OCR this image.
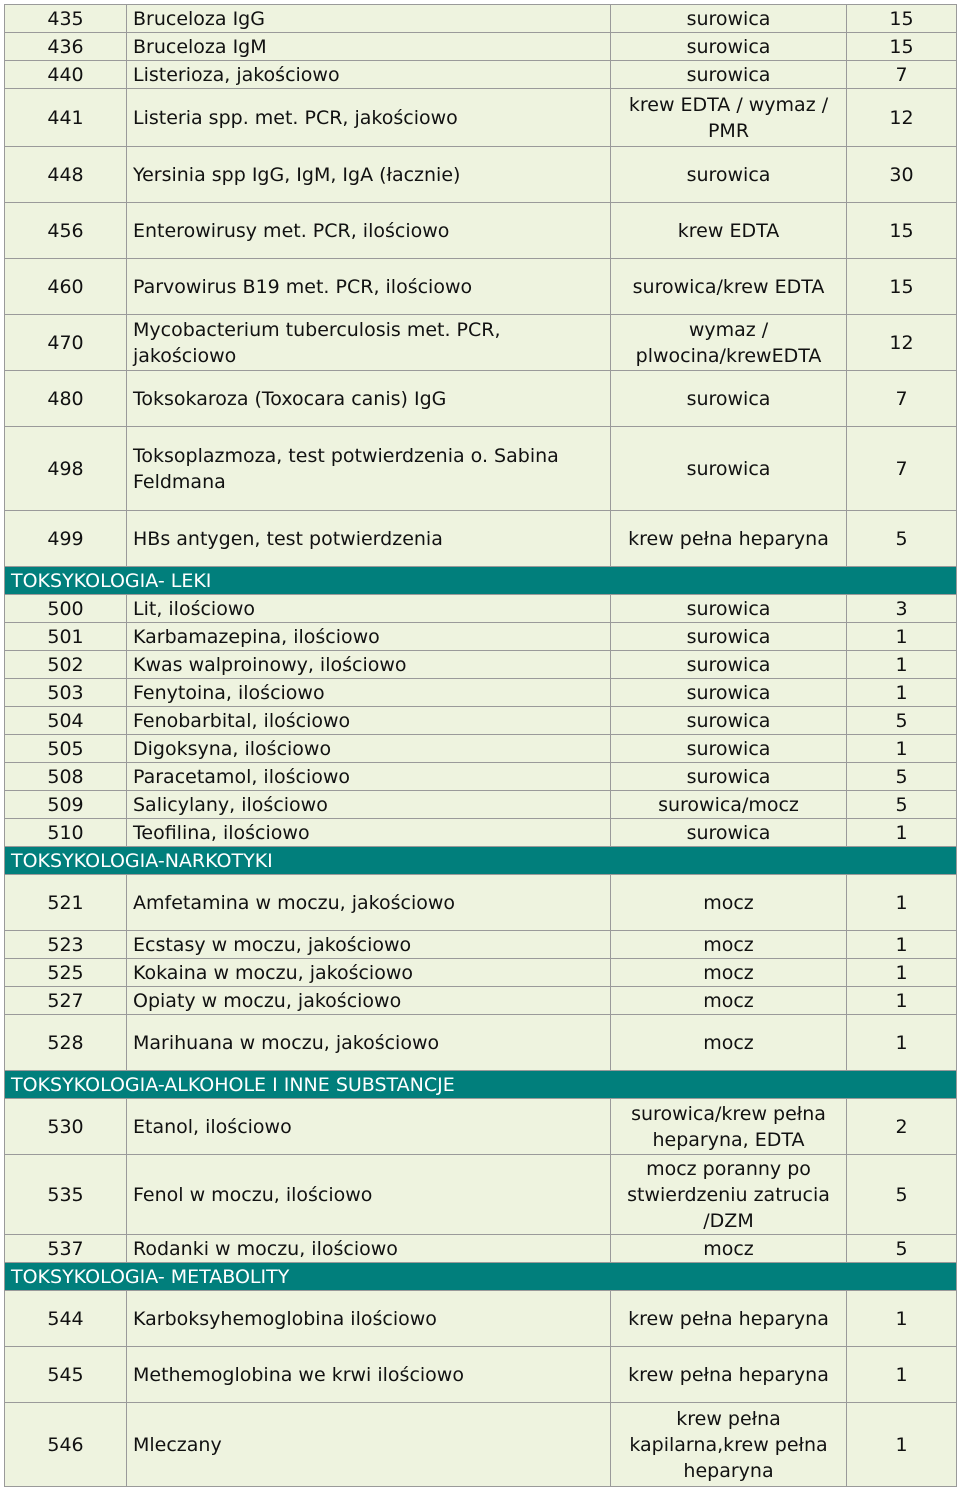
435	Bruceloza IgG	surowica	15
436	Bruceloza IgM	surowica	15
440	Listerioza, jakościowo	surowica	7
441	Listeria spp. met. PCR, jakościowo	krew EDTA / wymaz / PMR	12
448	Yersinia spp IgG, IgM, IgA (łacznie)	surowica	30
456	Enterowirusy met. PCR, ilościowo	krew EDTA	15
460	Parvowirus B19 met. PCR, ilościowo	surowica/krew EDTA	15
470	Mycobacterium tuberculosis met. PCR, jakościowo	wymaz / plwocina/krewEDTA	12
480	Toksokaroza (Toxocara canis) IgG	surowica	7
498	Toksoplazmoza, test potwierdzenia o. Sabina Feldmana	surowica	7
499	HBs antygen, test potwierdzenia	krew pełna heparyna	5
TOKSYKOLOGIA- LEKI			
500	Lit, ilościowo	surowica	3
501	Karbamazepina, ilościowo	surowica	1
502	Kwas walproinowy, ilościowo	surowica	1
503	Fenytoina, ilościowo	surowica	1
504	Fenobarbital, ilościowo	surowica	5
505	Digoksyna, ilościowo	surowica	1
508	Paracetamol, ilościowo	surowica	5
509	Salicylany, ilościowo	surowica/mocz	5
510	Teofilina, ilościowo	surowica	1
TOKSYKOLOGIA-NARKOTYKI			
521	Amfetamina w moczu, jakościowo	mocz	1
523	Ecstasy w moczu, jakościowo	mocz	1
525	Kokaina w moczu, jakościowo	mocz	1
527	Opiaty w moczu, jakościowo	mocz	1
528	Marihuana w moczu, jakościowo	mocz	1
TOKSYKOLOGIA-ALKOHOLE I INNE SUBSTANCJE			
530	Etanol, ilościowo	surowica/krew pełna heparyna, EDTA	2
535	Fenol w moczu, ilościowo	mocz poranny po stwierdzeniu zatrucia /DZM	5
537	Rodanki w moczu, ilościowo	mocz	5
TOKSYKOLOGIA- METABOLITY			
544	Karboksyhemoglobina ilościowo	krew pełna heparyna	1
545	Methemoglobina we krwi ilościowo	krew pełna heparyna	1
546	Mleczany	krew pełna kapilarna,krew pełna heparyna	1
